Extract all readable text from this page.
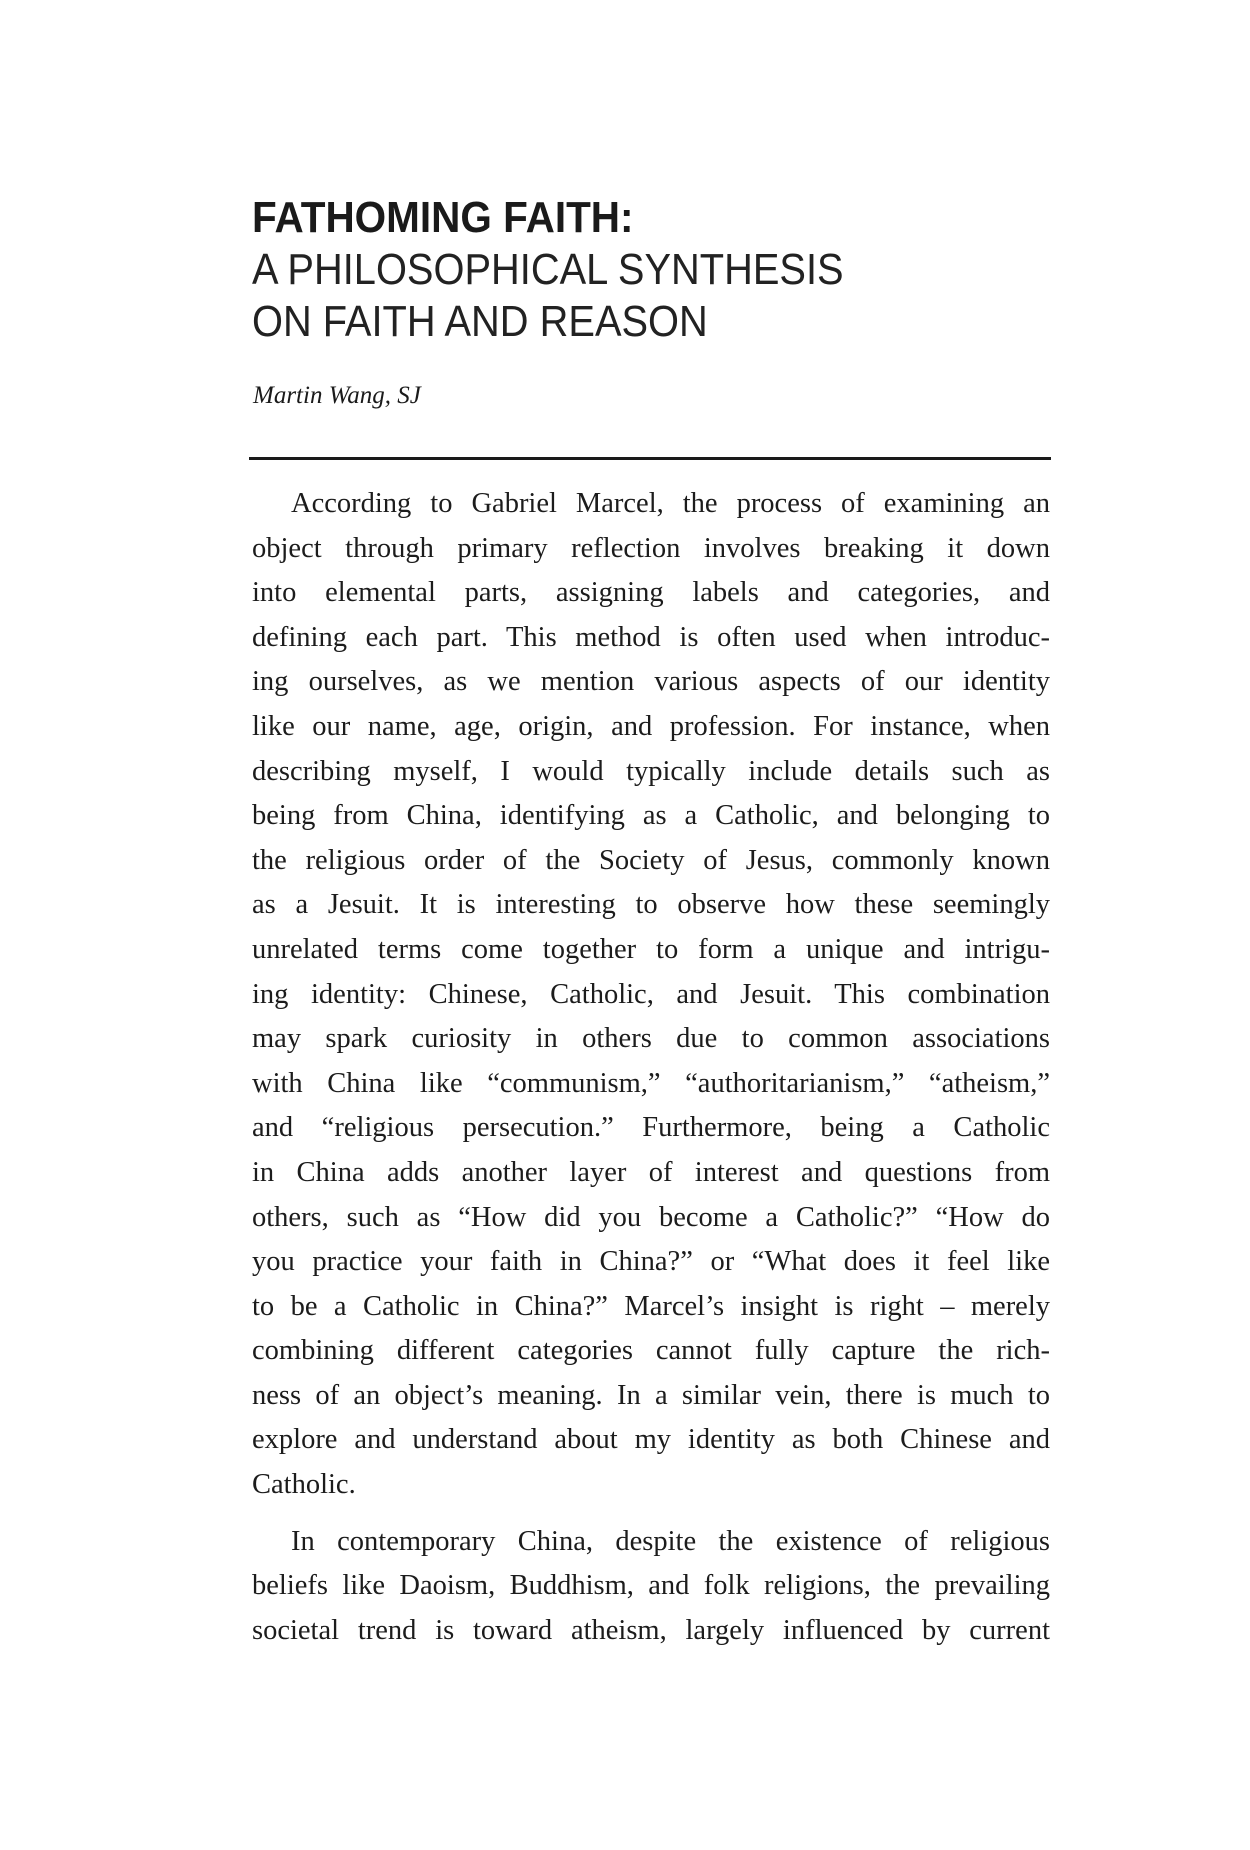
FATHOMING FAITH:
A PHILOSOPHICAL SYNTHESIS
ON FAITH AND REASON
Martin Wang, SJ
According to Gabriel Marcel, the process of examining an
object through primary reflection involves breaking it down
into elemental parts, assigning labels and categories, and
defining each part. This method is often used when introduc-
ing ourselves, as we mention various aspects of our identity
like our name, age, origin, and profession. For instance, when
describing myself, I would typically include details such as
being from China, identifying as a Catholic, and belonging to
the religious order of the Society of Jesus, commonly known
as a Jesuit. It is interesting to observe how these seemingly
unrelated terms come together to form a unique and intrigu-
ing identity: Chinese, Catholic, and Jesuit. This combination
may spark curiosity in others due to common associations
with China like “communism,” “authoritarianism,” “atheism,”
and “religious persecution.” Furthermore, being a Catholic
in China adds another layer of interest and questions from
others, such as “How did you become a Catholic?” “How do
you practice your faith in China?” or “What does it feel like
to be a Catholic in China?” Marcel’s insight is right – merely
combining different categories cannot fully capture the rich-
ness of an object’s meaning. In a similar vein, there is much to
explore and understand about my identity as both Chinese and
Catholic.
In contemporary China, despite the existence of religious
beliefs like Daoism, Buddhism, and folk religions, the prevailing
societal trend is toward atheism, largely influenced by current
